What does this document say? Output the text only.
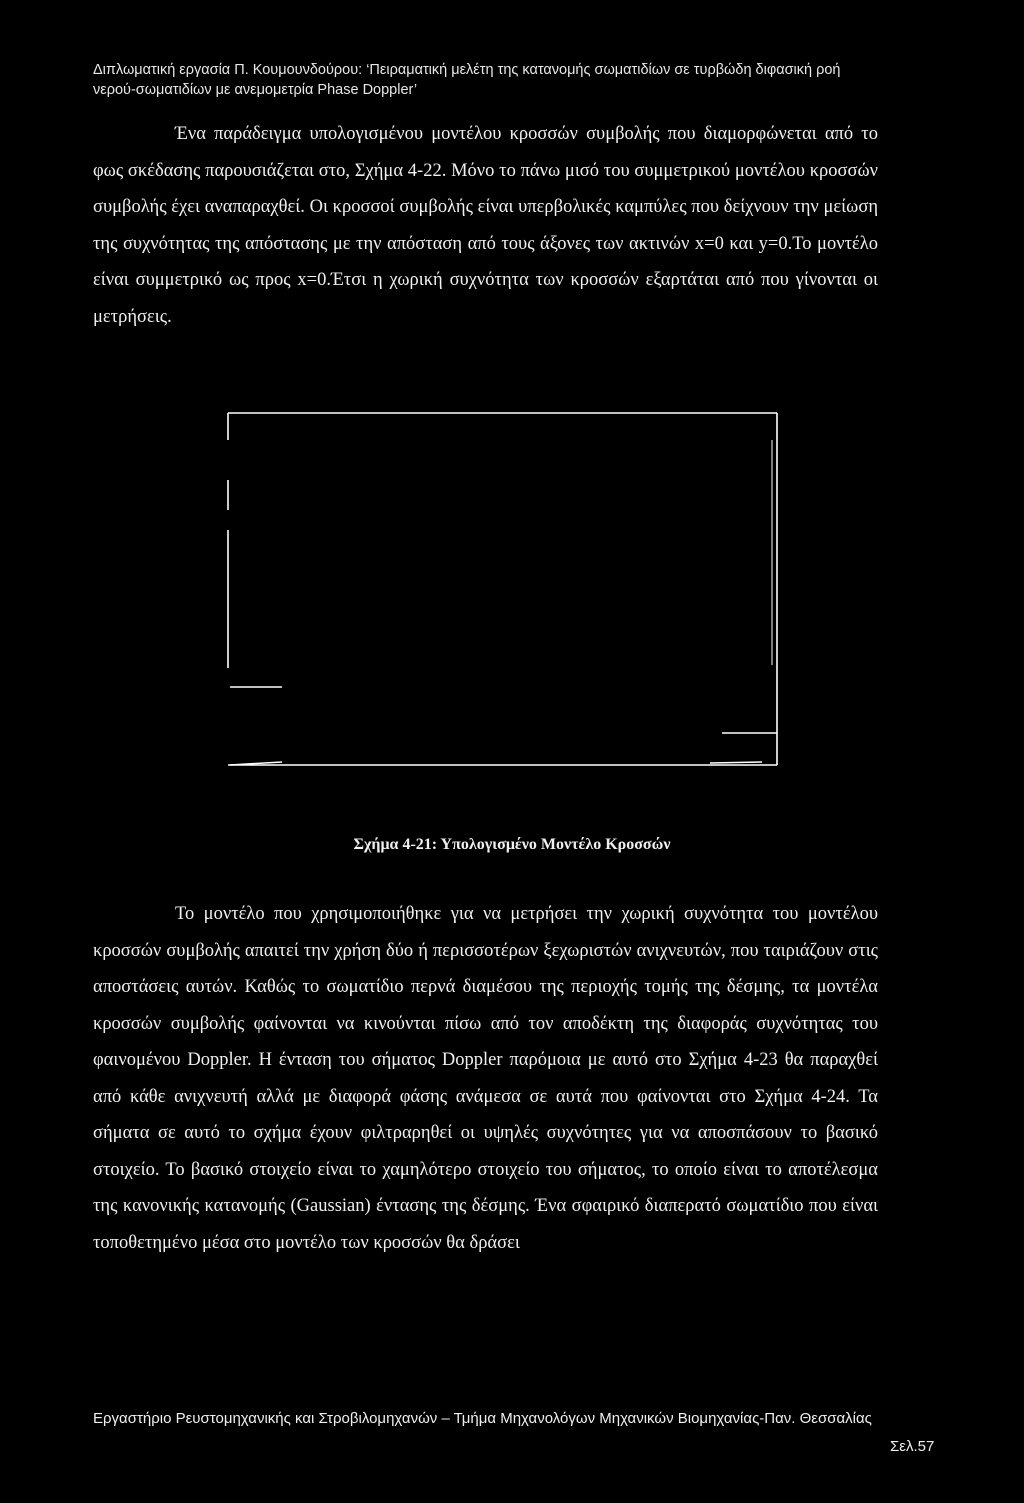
Διπλωματική εργασία Π. Κουμουνδούρου: ‘Πειραματική μελέτη της κατανομής σωματιδίων σε τυρβώδη διφασική ροή
νερού-σωματιδίων με ανεμομετρία Phase Doppler’
Ένα παράδειγμα υπολογισμένου μοντέλου κροσσών συμβολής που διαμορφώνεται από το φως σκέδασης παρουσιάζεται στο, Σχήμα 4-22. Μόνο το πάνω μισό του συμμετρικού μοντέλου κροσσών συμβολής έχει αναπαραχθεί. Οι κροσσοί συμβολής είναι υπερβολικές καμπύλες που δείχνουν την μείωση της συχνότητας της απόστασης με την απόσταση από τους άξονες των ακτινών x=0 και y=0.Το μοντέλο είναι συμμετρικό ως προς x=0.Έτσι η χωρική συχνότητα των κροσσών εξαρτάται από που γίνονται οι μετρήσεις.
Σχήμα 4-21: Υπολογισμένο Μοντέλο Κροσσών
Το μοντέλο που χρησιμοποιήθηκε για να μετρήσει την χωρική συχνότητα του μοντέλου κροσσών συμβολής απαιτεί την χρήση δύο ή περισσοτέρων ξεχωριστών ανιχνευτών, που ταιριάζουν στις αποστάσεις αυτών. Καθώς το σωματίδιο περνά διαμέσου της περιοχής τομής της δέσμης, τα μοντέλα κροσσών συμβολής φαίνονται να κινούνται πίσω από τον αποδέκτη της διαφοράς συχνότητας του φαινομένου Doppler. Η ένταση του σήματος Doppler παρόμοια με αυτό στο Σχήμα 4-23 θα παραχθεί από κάθε ανιχνευτή αλλά με διαφορά φάσης ανάμεσα σε αυτά που φαίνονται στο Σχήμα 4-24. Τα σήματα σε αυτό το σχήμα έχουν φιλτραρηθεί οι υψηλές συχνότητες για να αποσπάσουν το βασικό στοιχείο. Το βασικό στοιχείο είναι το χαμηλότερο στοιχείο του σήματος, το οποίο είναι το αποτέλεσμα της κανονικής κατανομής (Gaussian) έντασης της δέσμης. Ένα σφαιρικό διαπερατό σωματίδιο που είναι τοποθετημένο μέσα στο μοντέλο των κροσσών θα δράσει
Εργαστήριο Ρευστομηχανικής και Στροβιλομηχανών – Τμήμα Μηχανολόγων Μηχανικών Βιομηχανίας-Παν. Θεσσαλίας
Σελ.57
